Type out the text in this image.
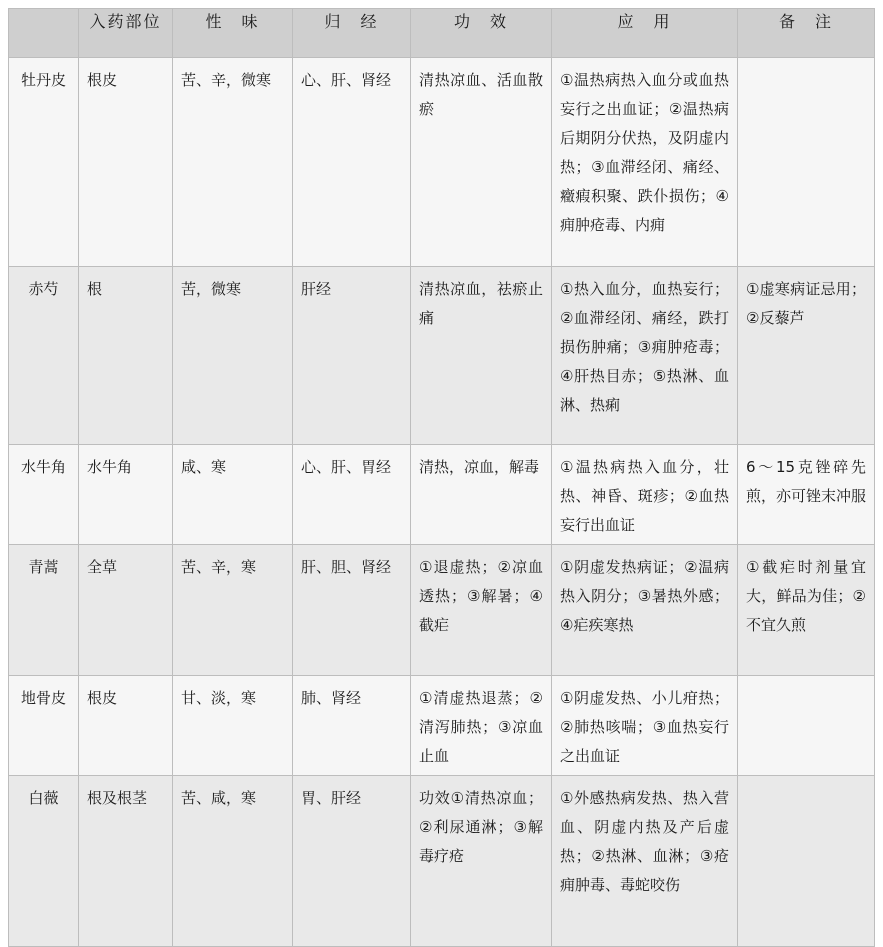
	入药部位	性　味	归　经	功　效	应　用	备　注

牡丹皮	根皮	苦、辛，微寒	心、肝、肾经	清热凉血、活血散瘀	①温热病热入血分或血热妄行之出血证；②温热病后期阴分伏热，及阴虚内热；③血滞经闭、痛经、癥瘕积聚、跌仆损伤；④痈肿疮毒、内痈	

赤芍	根	苦，微寒	肝经	清热凉血，祛瘀止痛	①热入血分，血热妄行；②血滞经闭、痛经，跌打损伤肿痛；③痈肿疮毒；④肝热目赤；⑤热淋、血淋、热痢	①虚寒病证忌用；②反藜芦

水牛角	水牛角	咸、寒	心、肝、胃经	清热，凉血，解毒	①温热病热入血分，壮热、神昏、斑疹；②血热妄行出血证	6～15克锉碎先煎，亦可锉末冲服

青蒿	全草	苦、辛，寒	肝、胆、肾经	①退虚热；②凉血透热；③解暑；④截疟	①阴虚发热病证；②温病热入阴分；③暑热外感；④疟疾寒热	①截疟时剂量宜大，鲜品为佳；②不宜久煎

地骨皮	根皮	甘、淡，寒	肺、肾经	①清虚热退蒸；②清泻肺热；③凉血止血	①阴虚发热、小儿疳热；②肺热咳喘；③血热妄行之出血证	

白薇	根及根茎	苦、咸，寒	胃、肝经	功效①清热凉血；②利尿通淋；③解毒疗疮	①外感热病发热、热入营血、阴虚内热及产后虚热；②热淋、血淋；③疮痈肿毒、毒蛇咬伤	
